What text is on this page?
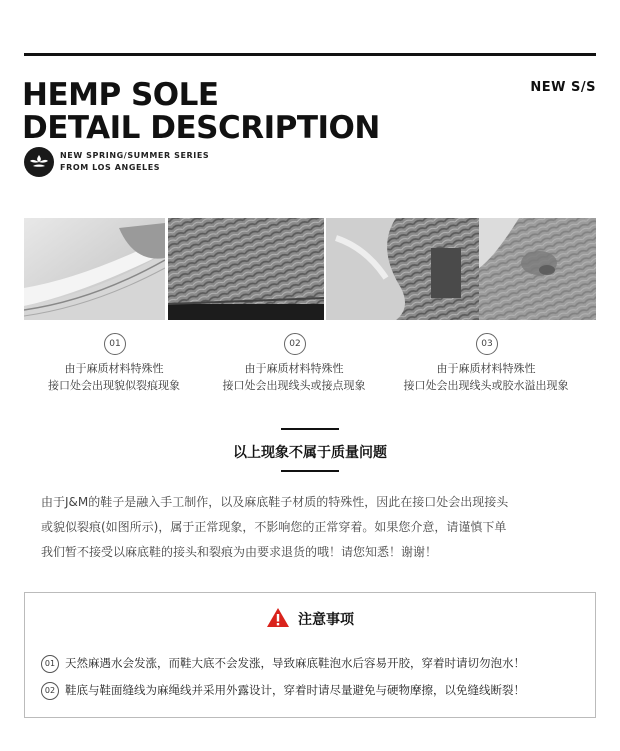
HEMP SOLE
DETAIL DESCRIPTION
NEW S/S
NEW SPRING/SUMMER SERIES
FROM LOS ANGELES
01	02	03
由于麻质材料特殊性
接口处会出现貌似裂痕现象
由于麻质材料特殊性
接口处会出现线头或接点现象
由于麻质材料特殊性
接口处会出现线头或胶水溢出现象
以上现象不属于质量问题
由于J&M的鞋子是融入手工制作，以及麻底鞋子材质的特殊性，因此在接口处会出现接头
或貌似裂痕(如图所示)，属于正常现象，不影响您的正常穿着。如果您介意，请谨慎下单
我们暂不接受以麻底鞋的接头和裂痕为由要求退货的哦！请您知悉！谢谢！
注意事项
01 天然麻遇水会发涨，而鞋大底不会发涨，导致麻底鞋泡水后容易开胶，穿着时请切勿泡水！
02 鞋底与鞋面缝线为麻绳线并采用外露设计，穿着时请尽量避免与硬物摩擦，以免缝线断裂！
